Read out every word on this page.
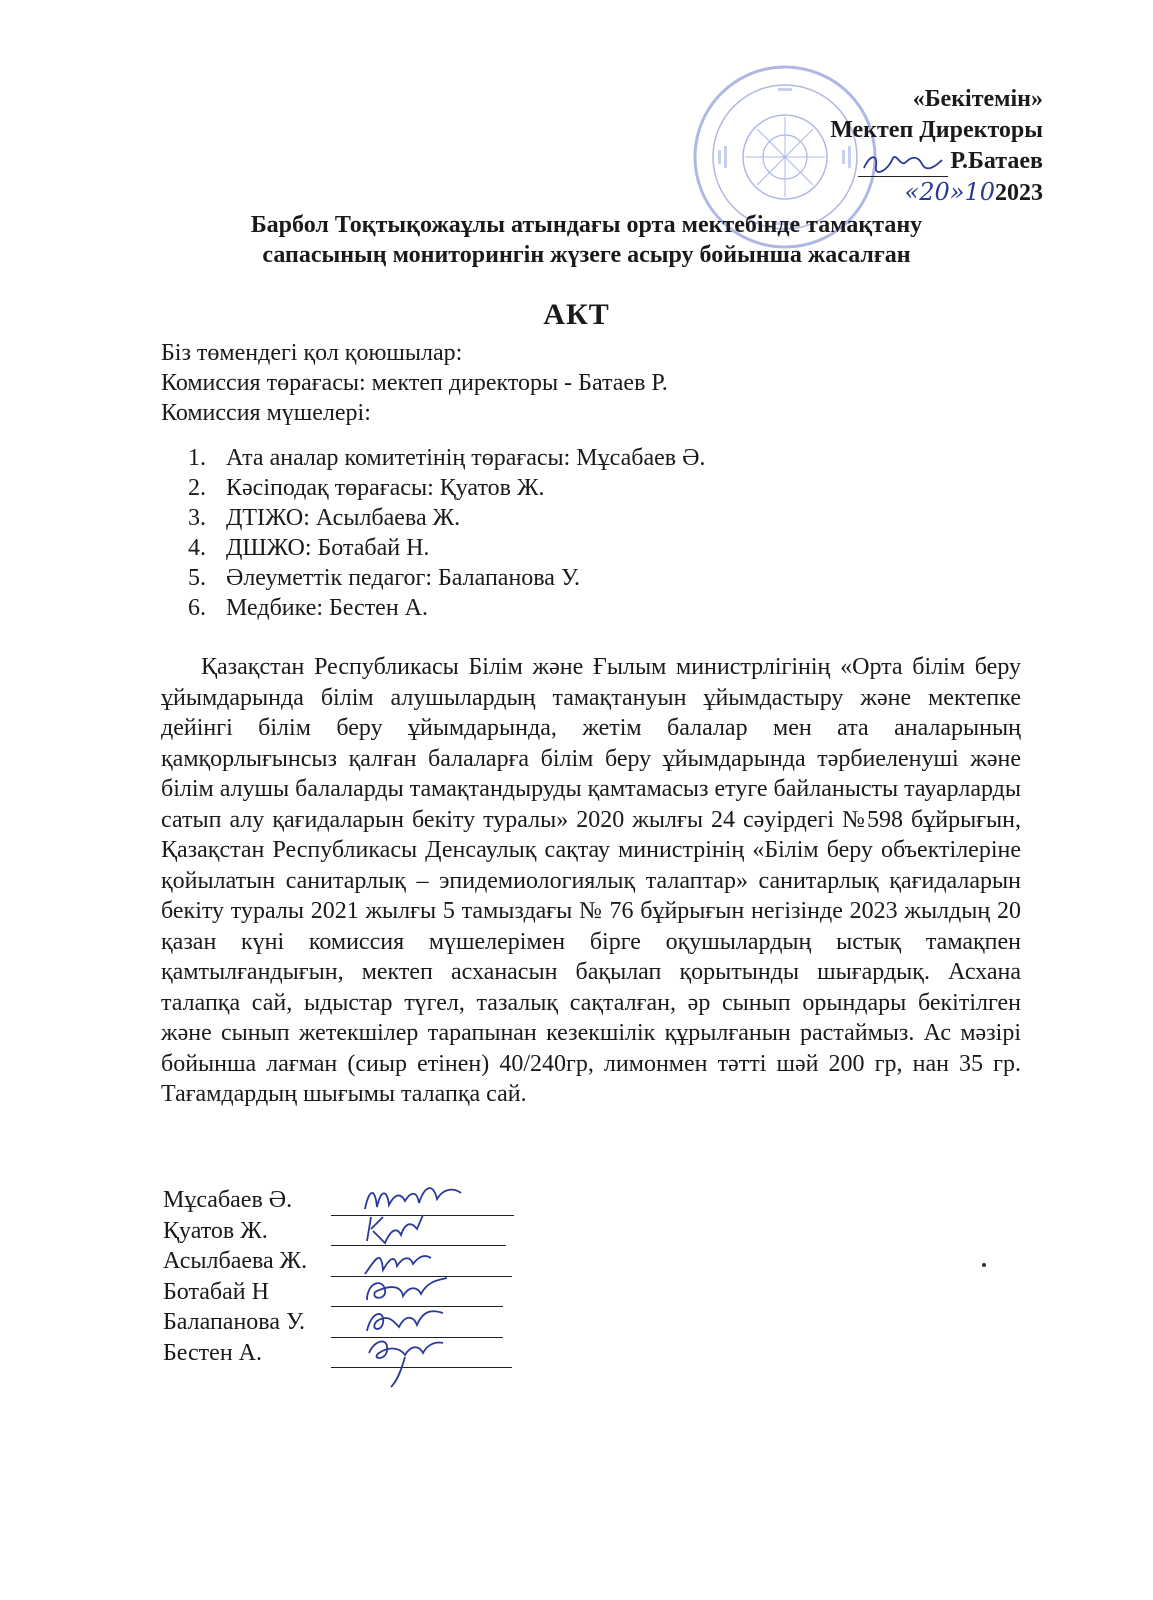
«Бекітемін»
Мектеп Директоры
Р.Батаев
«20»102023
Барбол Тоқтықожаұлы атындағы орта мектебінде тамақтану
сапасының мониторингін жүзеге асыру бойынша жасалған
АКТ
Біз төмендегі қол қоюшылар:
Комиссия төрағасы: мектеп директоры - Батаев Р.
Комиссия мүшелері:
1. Ата аналар комитетінің төрағасы: Мұсабаев Ә.
2. Кәсіподақ төрағасы: Қуатов Ж.
3. ДТІЖО: Асылбаева Ж.
4. ДШЖО: Ботабай Н.
5. Әлеуметтік педагог: Балапанова У.
6. Медбике: Бестен А.

Қазақстан Республикасы Білім және Ғылым министрлігінің «Орта білім беру ұйымдарында білім алушылардың тамақтануын ұйымдастыру және мектепке дейінгі білім беру ұйымдарында, жетім балалар мен ата аналарының қамқорлығынсыз қалған балаларға білім беру ұйымдарында тәрбиеленуші және білім алушы балаларды тамақтандыруды қамтамасыз етуге байланысты тауарларды сатып алу қағидаларын бекіту туралы» 2020 жылғы 24 сәуірдегі №598 бұйрығын, Қазақстан Республикасы Денсаулық сақтау министрінің «Білім беру объектілеріне қойылатын санитарлық – эпидемиологиялық талаптар» санитарлық қағидаларын бекіту туралы 2021 жылғы 5 тамыздағы № 76 бұйрығын негізінде 2023 жылдың 20 қазан күні комиссия мүшелерімен бірге оқушылардың ыстық тамақпен қамтылғандығын, мектеп асханасын бақылап қорытынды шығардық. Асхана талапқа сай, ыдыстар түгел, тазалық сақталған, әр сынып орындары бекітілген және сынып жетекшілер тарапынан кезекшілік құрылғанын растаймыз. Ас мәзірі бойынша лағман (сиыр етінен) 40/240гр, лимонмен тәтті шәй 200 гр, нан 35 гр. Тағамдардың шығымы талапқа сай.

Мұсабаев Ә.
Қуатов Ж.
Асылбаева Ж.
Ботабай Н
Балапанова У.
Бестен А.
